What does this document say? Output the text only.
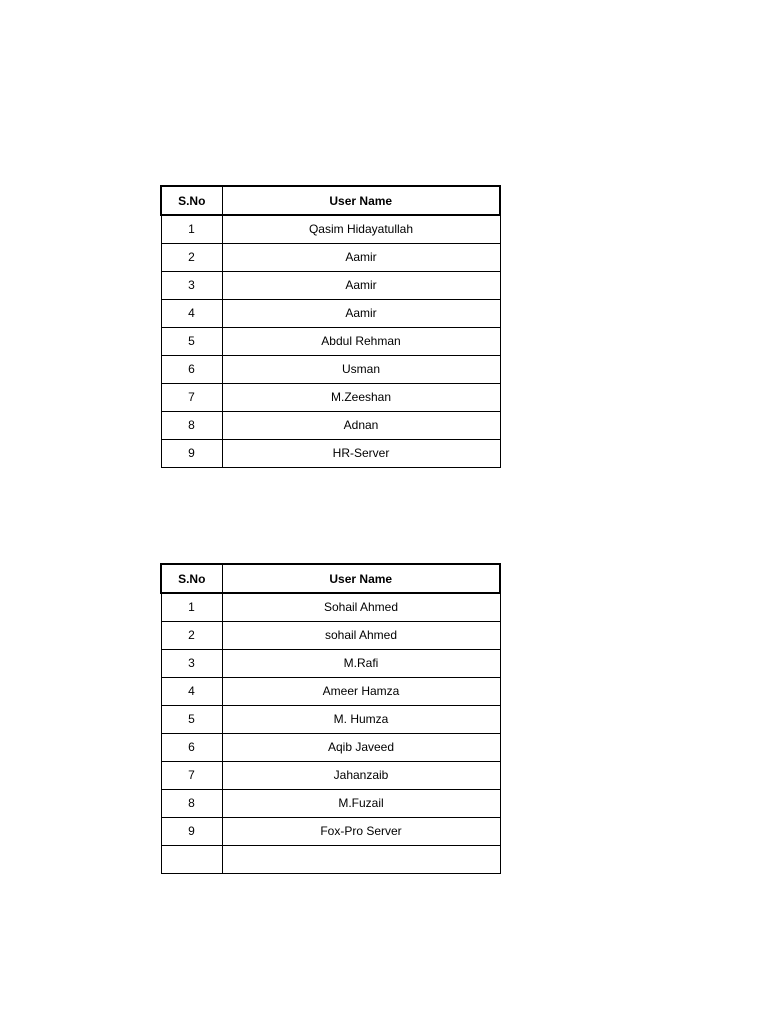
S.No	User Name
1	Qasim Hidayatullah
2	Aamir
3	Aamir
4	Aamir
5	Abdul Rehman
6	Usman
7	M.Zeeshan
8	Adnan
9	HR-Server
S.No	User Name
1	Sohail Ahmed
2	sohail Ahmed
3	M.Rafi
4	Ameer Hamza
5	M. Humza
6	Aqib Javeed
7	Jahanzaib
8	M.Fuzail
9	Fox-Pro Server
